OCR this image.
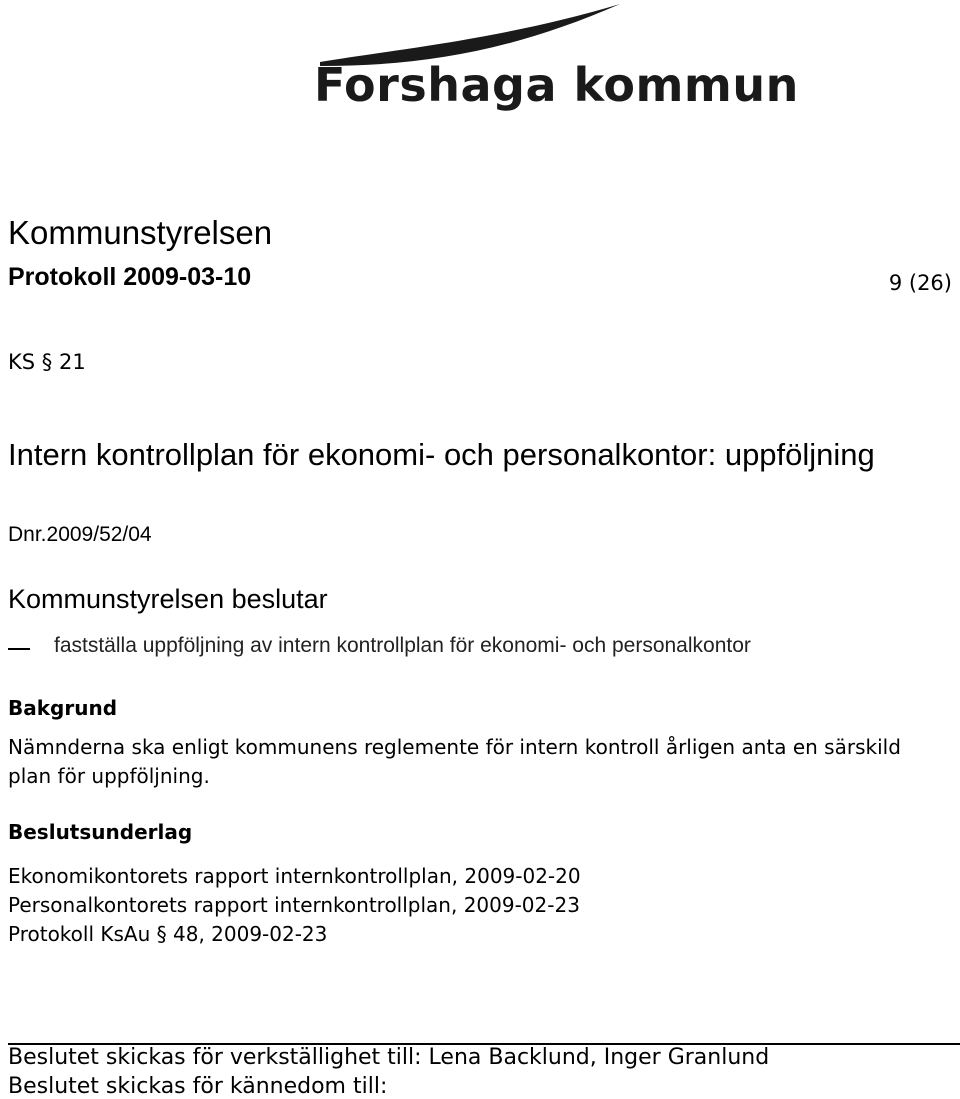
Forshaga kommun
Kommunstyrelsen
Protokoll 2009-03-10	9 (26)
KS § 21
Intern kontrollplan för ekonomi- och personalkontor: uppföljning
Dnr.2009/52/04
Kommunstyrelsen beslutar
fastställa uppföljning av intern kontrollplan för ekonomi- och personalkontor
Bakgrund
Nämnderna ska enligt kommunens reglemente för intern kontroll årligen anta en särskild plan för uppföljning.
Beslutsunderlag
Ekonomikontorets rapport internkontrollplan, 2009-02-20
Personalkontorets rapport internkontrollplan, 2009-02-23
Protokoll KsAu § 48, 2009-02-23
Beslutet skickas för verkställighet till: Lena Backlund, Inger Granlund
Beslutet skickas för kännedom till:
